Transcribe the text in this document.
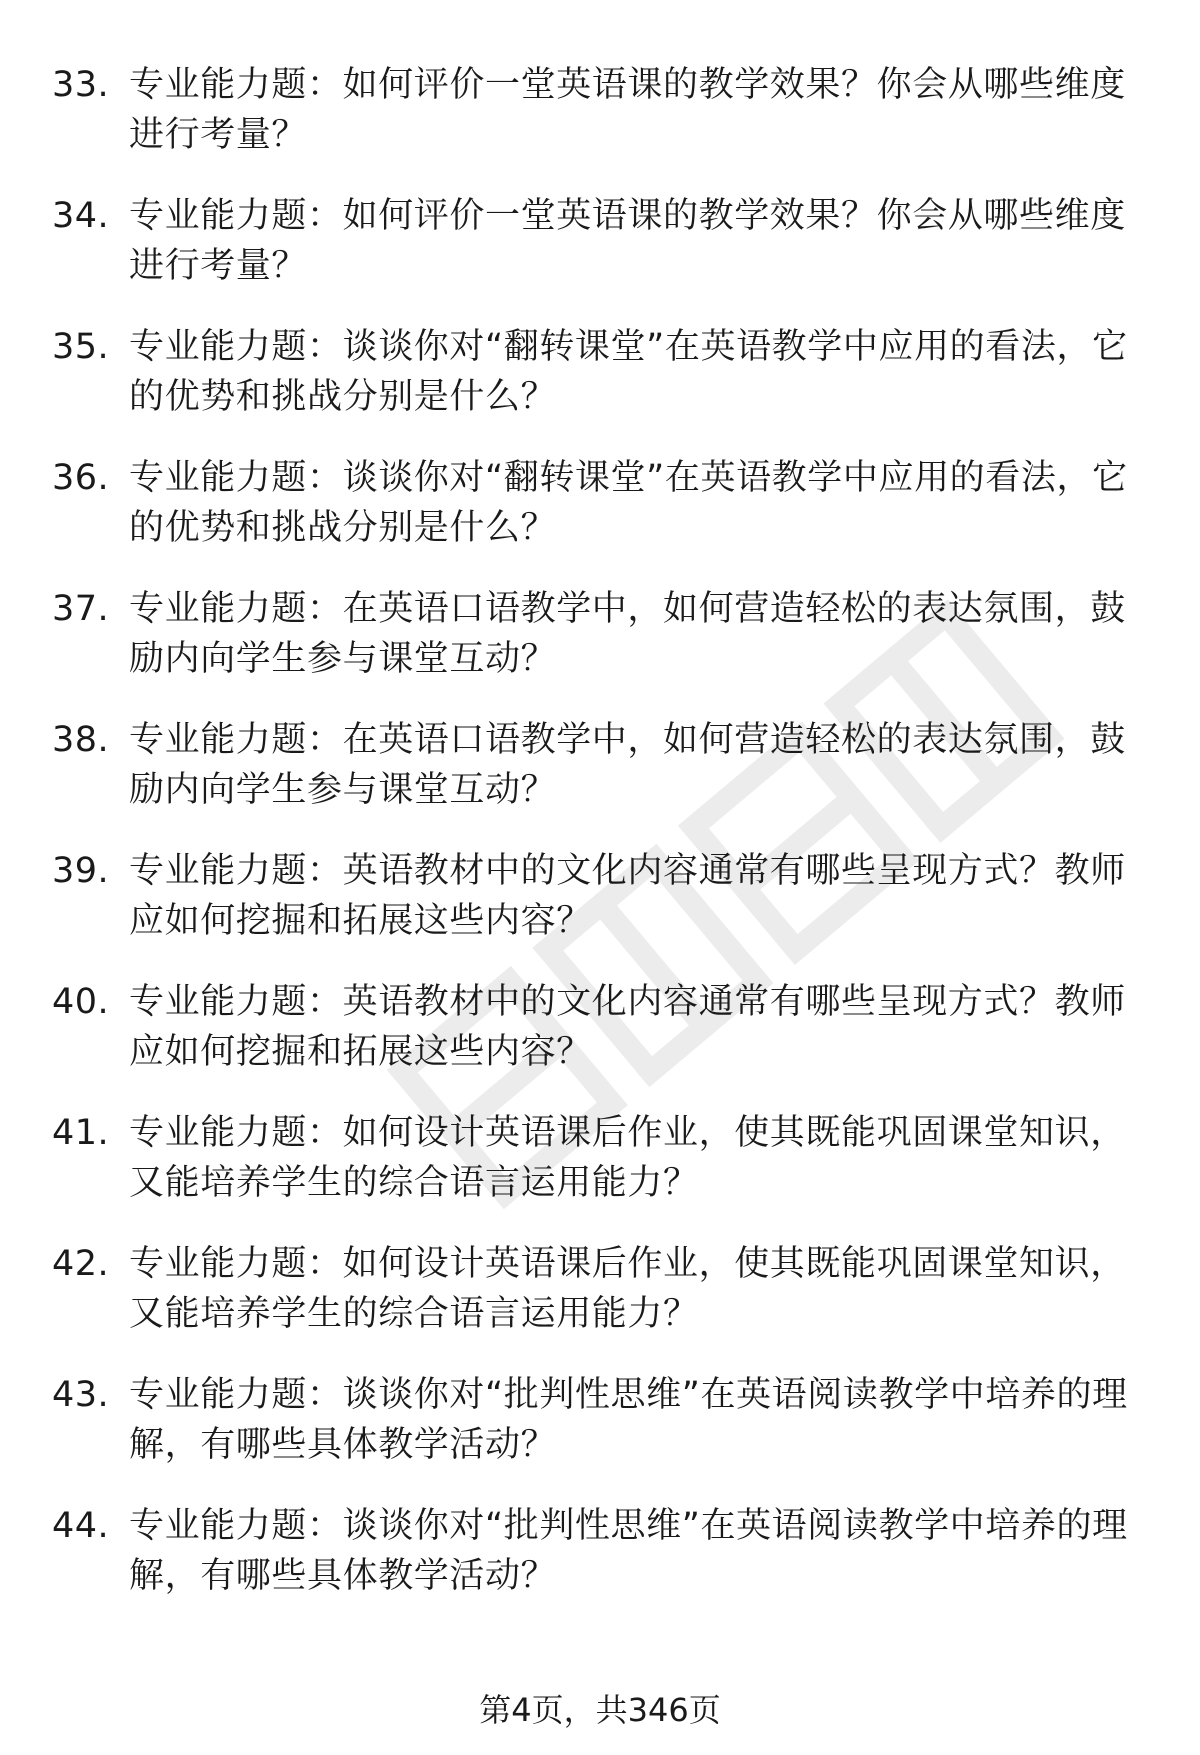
33. 专业能力题：如何评价一堂英语课的教学效果？你会从哪些维度进行考量？
34. 专业能力题：如何评价一堂英语课的教学效果？你会从哪些维度进行考量？
35. 专业能力题：谈谈你对“翻转课堂”在英语教学中应用的看法，它的优势和挑战分别是什么？
36. 专业能力题：谈谈你对“翻转课堂”在英语教学中应用的看法，它的优势和挑战分别是什么？
37. 专业能力题：在英语口语教学中，如何营造轻松的表达氛围，鼓励内向学生参与课堂互动？
38. 专业能力题：在英语口语教学中，如何营造轻松的表达氛围，鼓励内向学生参与课堂互动？
39. 专业能力题：英语教材中的文化内容通常有哪些呈现方式？教师应如何挖掘和拓展这些内容？
40. 专业能力题：英语教材中的文化内容通常有哪些呈现方式？教师应如何挖掘和拓展这些内容？
41. 专业能力题：如何设计英语课后作业，使其既能巩固课堂知识，又能培养学生的综合语言运用能力？
42. 专业能力题：如何设计英语课后作业，使其既能巩固课堂知识，又能培养学生的综合语言运用能力？
43. 专业能力题：谈谈你对“批判性思维”在英语阅读教学中培养的理解，有哪些具体教学活动？
44. 专业能力题：谈谈你对“批判性思维”在英语阅读教学中培养的理解，有哪些具体教学活动？
第4页，共346页
